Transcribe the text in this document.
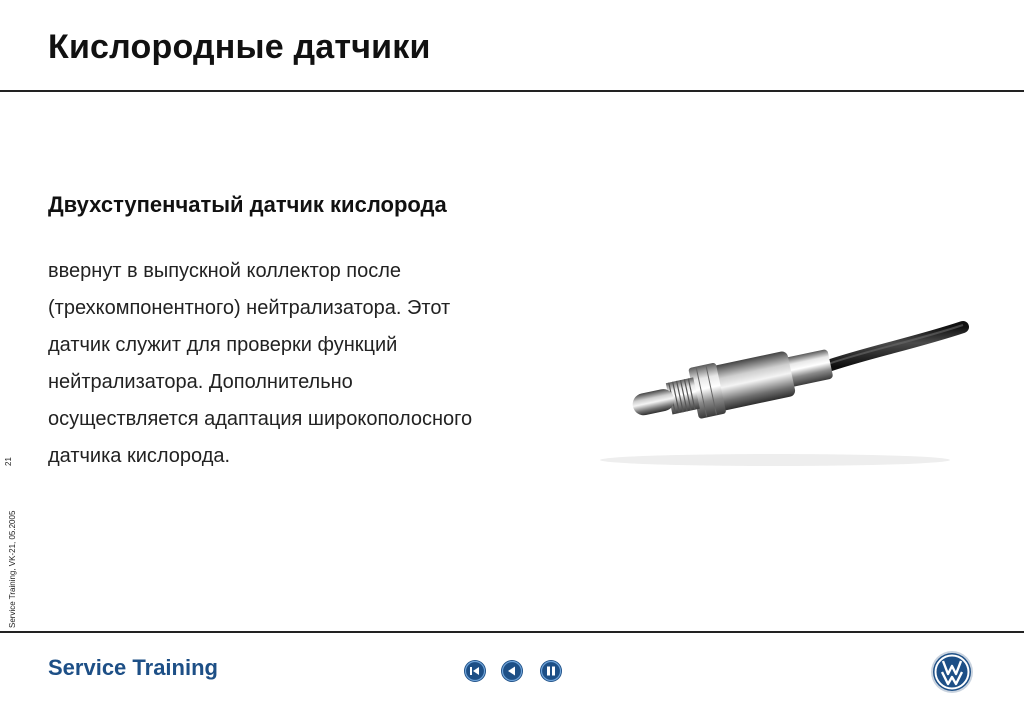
Кислородные датчики
Двухступенчатый датчик кислорода
ввернут в выпускной коллектор после
(трехкомпонентного) нейтрализатора. Этот
датчик служит для проверки функций
нейтрализатора. Дополнительно
осуществляется адаптация широкополосного
датчика кислорода.
21
Service Training, VK-21, 05.2005
Service Training
